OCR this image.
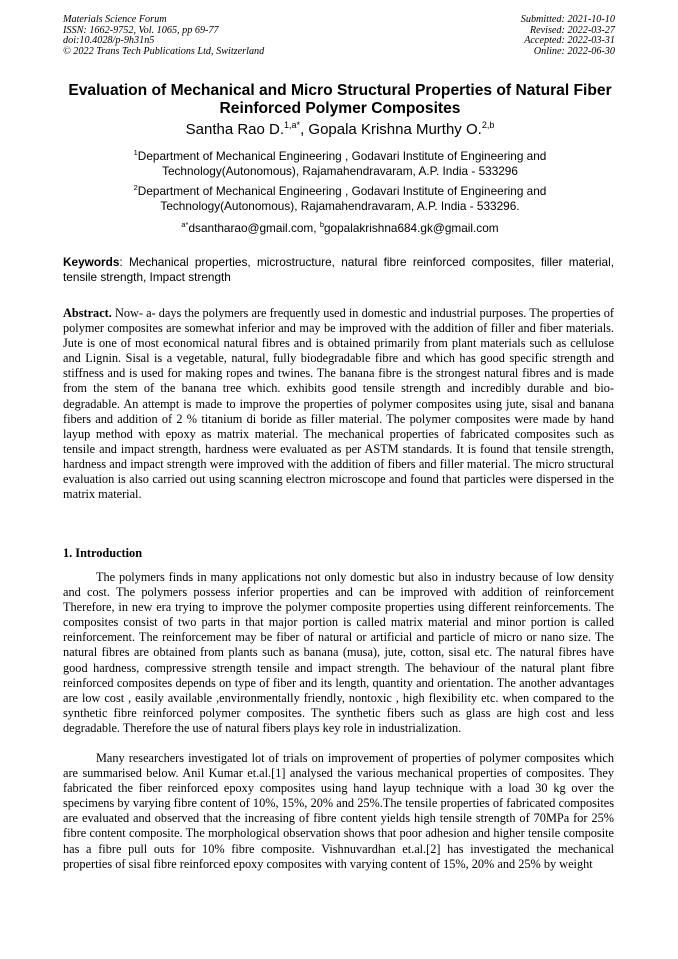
Materials Science Forum
ISSN: 1662-9752, Vol. 1065, pp 69-77
doi:10.4028/p-9h31n5
© 2022 Trans Tech Publications Ltd, Switzerland
Submitted: 2021-10-10
Revised: 2022-03-27
Accepted: 2022-03-31
Online: 2022-06-30
Evaluation of Mechanical and Micro Structural Properties of Natural Fiber Reinforced Polymer Composites
Santha Rao D.$^{1,a*}$, Gopala Krishna Murthy O.$^{2,b}$
$^1$Department of Mechanical Engineering , Godavari Institute of Engineering and Technology(Autonomous), Rajamahendravaram, A.P. India - 533296
$^2$Department of Mechanical Engineering , Godavari Institute of Engineering and Technology(Autonomous), Rajamahendravaram, A.P. India - 533296.
$^{a*}$dsantharao@gmail.com, $^b$gopalakrishna684.gk@gmail.com
Keywords: Mechanical properties, microstructure, natural fibre reinforced composites, filler material, tensile strength, Impact strength
Abstract. Now- a- days the polymers are frequently used in domestic and industrial purposes. The properties of polymer composites are somewhat inferior and may be improved with the addition of filler and fiber materials. Jute is one of most economical natural fibres and is obtained primarily from plant materials such as cellulose and Lignin. Sisal is a vegetable, natural, fully biodegradable fibre and which has good specific strength and stiffness and is used for making ropes and twines. The banana fibre is the strongest natural fibres and is made from the stem of the banana tree which. exhibits good tensile strength and incredibly durable and bio-degradable. An attempt is made to improve the properties of polymer composites using jute, sisal and banana fibers and addition of 2 % titanium di boride as filler material. The polymer composites were made by hand layup method with epoxy as matrix material. The mechanical properties of fabricated composites such as tensile and impact strength, hardness were evaluated as per ASTM standards. It is found that tensile strength, hardness and impact strength were improved with the addition of fibers and filler material. The micro structural evaluation is also carried out using scanning electron microscope and found that particles were dispersed in the matrix material.
1. Introduction
The polymers finds in many applications not only domestic but also in industry because of low density and cost. The polymers possess inferior properties and can be improved with addition of reinforcement Therefore, in new era trying to improve the polymer composite properties using different reinforcements. The composites consist of two parts in that major portion is called matrix material and minor portion is called reinforcement. The reinforcement may be fiber of natural or artificial and particle of micro or nano size. The natural fibres are obtained from plants such as banana (musa), jute, cotton, sisal etc. The natural fibres have good hardness, compressive strength tensile and impact strength. The behaviour of the natural plant fibre reinforced composites depends on type of fiber and its length, quantity and orientation. The another advantages are low cost , easily available ,environmentally friendly, nontoxic , high flexibility etc. when compared to the synthetic fibre reinforced polymer composites. The synthetic fibers such as glass are high cost and less degradable. Therefore the use of natural fibers plays key role in industrialization.
Many researchers investigated lot of trials on improvement of properties of polymer composites which are summarised below. Anil Kumar et.al.[1] analysed the various mechanical properties of composites. They fabricated the fiber reinforced epoxy composites using hand layup technique with a load 30 kg over the specimens by varying fibre content of 10%, 15%, 20% and 25%.The tensile properties of fabricated composites are evaluated and observed that the increasing of fibre content yields high tensile strength of 70MPa for 25% fibre content composite. The morphological observation shows that poor adhesion and higher tensile composite has a fibre pull outs for 10% fibre composite. Vishnuvardhan et.al.[2] has investigated the mechanical properties of sisal fibre reinforced epoxy composites with varying content of 15%, 20% and 25% by weight
